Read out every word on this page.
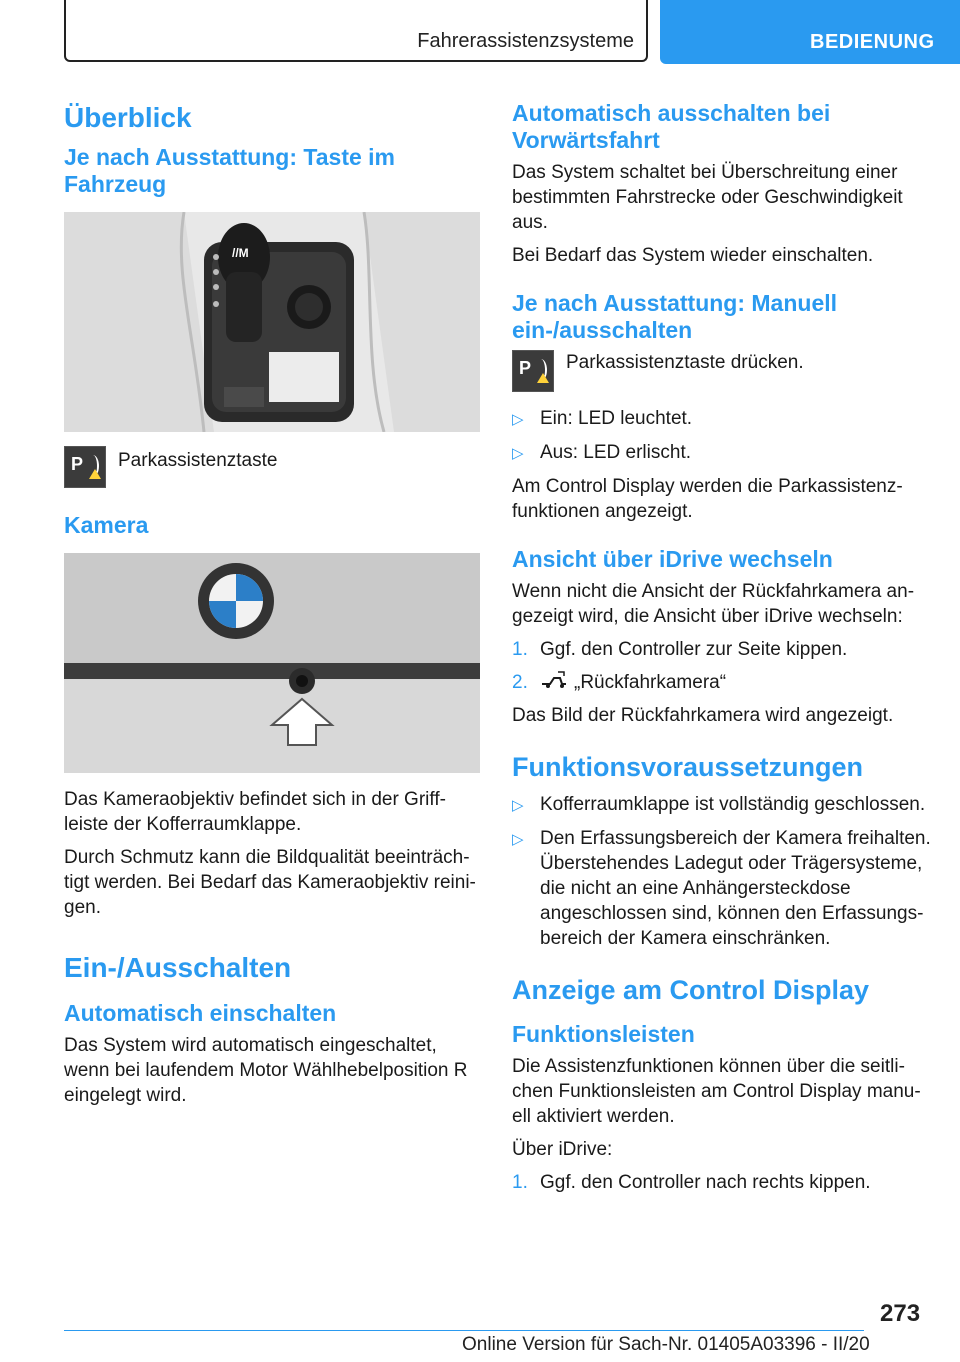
Fahrerassistenzsysteme	BEDIENUNG
Überblick
Je nach Ausstattung: Taste im Fahrzeug
//M
P Parkassistenztaste
Kamera

Das Kameraobjektiv befindet sich in der Griffleiste der Kofferraumklappe.

Durch Schmutz kann die Bildqualität beeinträchtigt werden. Bei Bedarf das Kameraobjektiv reinigen.

Ein-/Ausschalten
Automatisch einschalten

Das System wird automatisch eingeschaltet, wenn bei laufendem Motor Wählhebelposition R eingelegt wird.

Automatisch ausschalten bei Vorwärtsfahrt

Das System schaltet bei Überschreitung einer bestimmten Fahrstrecke oder Geschwindigkeit aus.

Bei Bedarf das System wieder einschalten.

Je nach Ausstattung: Manuell ein-/ausschalten
P Parkassistenztaste drücken.
▷ Ein: LED leuchtet.
▷ Aus: LED erlischt.

Am Control Display werden die Parkassistenzfunktionen angezeigt.

Ansicht über iDrive wechseln

Wenn nicht die Ansicht der Rückfahrkamera angezeigt wird, die Ansicht über iDrive wechseln:

1. Ggf. den Controller zur Seite kippen.
2.	„Rückfahrkamera“

Das Bild der Rückfahrkamera wird angezeigt.

Funktionsvoraussetzungen
▷ Kofferraumklappe ist vollständig geschlossen.
▷ Den Erfassungsbereich der Kamera freihalten. Überstehendes Ladegut oder Trägersysteme, die nicht an eine Anhängersteckdose angeschlossen sind, können den Erfassungsbereich der Kamera einschränken.
Anzeige am Control Display
Funktionsleisten

Die Assistenzfunktionen können über die seitlichen Funktionsleisten am Control Display manuell aktiviert werden.

Über iDrive:

1. Ggf. den Controller nach rechts kippen.
273
Online Version für Sach-Nr. 01405A03396 - II/20
